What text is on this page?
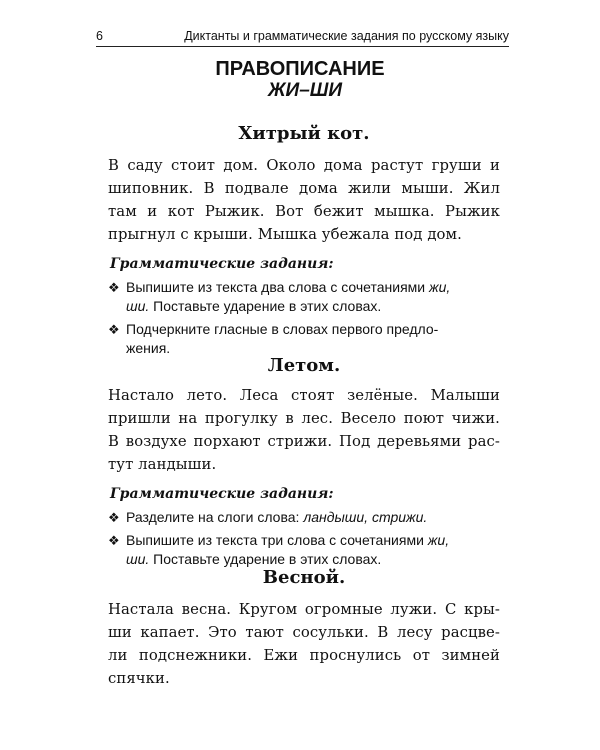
6	Диктанты и грамматические задания по русскому языку
ПРАВОПИСАНИЕ
ЖИ–ШИ
Хитрый кот.
В саду стоит дом. Около дома растут груши и
шиповник. В подвале дома жили мыши. Жил
там и кот Рыжик. Вот бежит мышка. Рыжик
прыгнул с крыши. Мышка убежала под дом.
Грамматические задания:
❖ Выпишите из текста два слова с сочетаниями жи,
ши. Поставьте ударение в этих словах.
❖ Подчеркните гласные в словах первого предло-
жения.
Летом.
Настало лето. Леса стоят зелёные. Малыши
пришли на прогулку в лес. Весело поют чижи.
В воздухе порхают стрижи. Под деревьями рас-
тут ландыши.
Грамматические задания:
❖ Разделите на слоги слова: ландыши, стрижи.
❖ Выпишите из текста три слова с сочетаниями жи,
ши. Поставьте ударение в этих словах.
Весной.
Настала весна. Кругом огромные лужи. С кры-
ши капает. Это тают сосульки. В лесу расцве-
ли подснежники. Ежи проснулись от зимней
спячки.
